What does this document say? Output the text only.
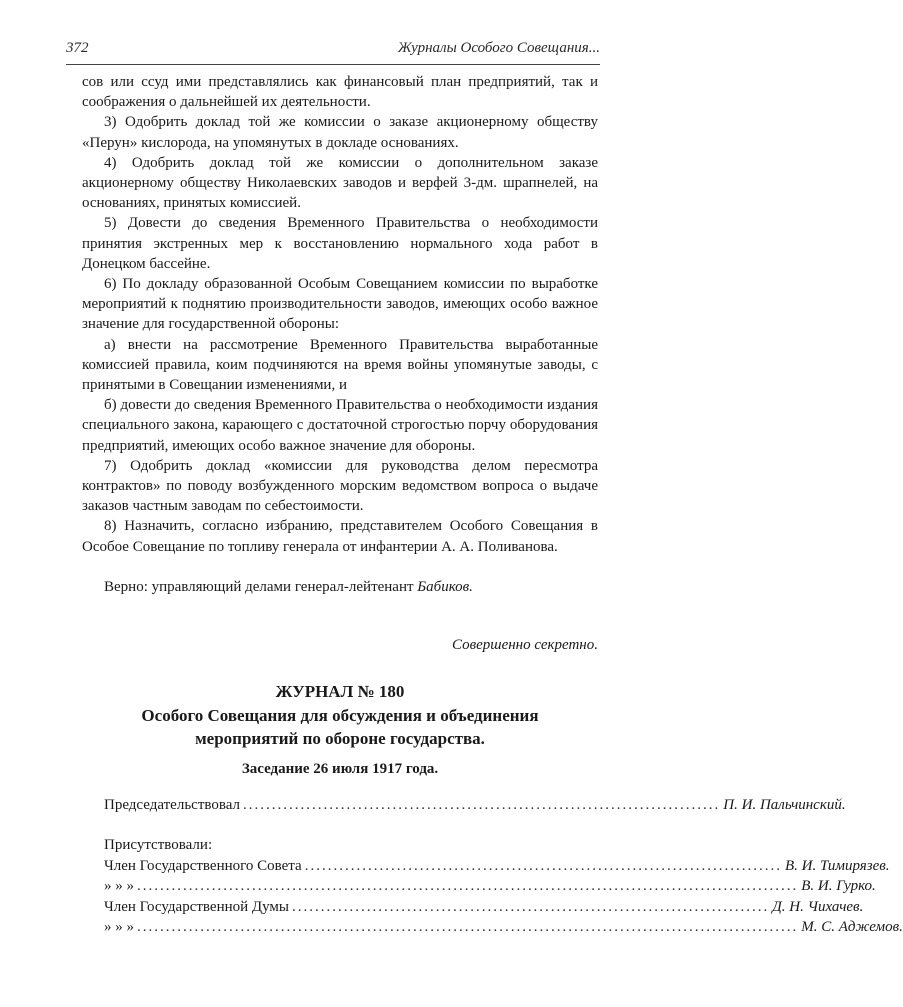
372	Журналы Особого Совещания...

сов или ссуд ими представлялись как финансовый план предприятий, так и соображения о дальнейшей их деятельности.

3) Одобрить доклад той же комиссии о заказе акционерному обществу «Перун» кислорода, на упомянутых в докладе основаниях.

4) Одобрить доклад той же комиссии о дополнительном заказе акционерному обществу Николаевских заводов и верфей 3-дм. шрапнелей, на основаниях, принятых комиссией.

5) Довести до сведения Временного Правительства о необходимости принятия экстренных мер к восстановлению нормального хода работ в Донецком бассейне.

6) По докладу образованной Особым Совещанием комиссии по выработке мероприятий к поднятию производительности заводов, имеющих особо важное значение для государственной обороны:

а) внести на рассмотрение Временного Правительства выработанные комиссией правила, коим подчиняются на время войны упомянутые заводы, с принятыми в Совещании изменениями, и

б) довести до сведения Временного Правительства о необходимости издания специального закона, карающего с достаточной строгостью порчу оборудования предприятий, имеющих особо важное значение для обороны.

7) Одобрить доклад «комиссии для руководства делом пересмотра контрактов» по поводу возбужденного морским ведомством вопроса о выдаче заказов частным заводам по себестоимости.

8) Назначить, согласно избранию, представителем Особого Совещания в Особое Совещание по топливу генерала от инфантерии А. А. Поливанова.

Верно: управляющий делами генерал-лейтенант Бабиков.

Совершенно секретно.
ЖУРНАЛ № 180
Особого Совещания для обсуждения и объединения
мероприятий по обороне государства.
Заседание 26 июля 1917 года.
Председательствовал ................................................................................... П. И. Пальчинский.
Присутствовали:
Член Государственного Совета ................................................................................... В. И. Тимирязев.
» » » ................................................................................................................... В. И. Гурко.
Член Государственной Думы ................................................................................... Д. Н. Чихачев.
» » » ................................................................................................................... М. С. Аджемов.
